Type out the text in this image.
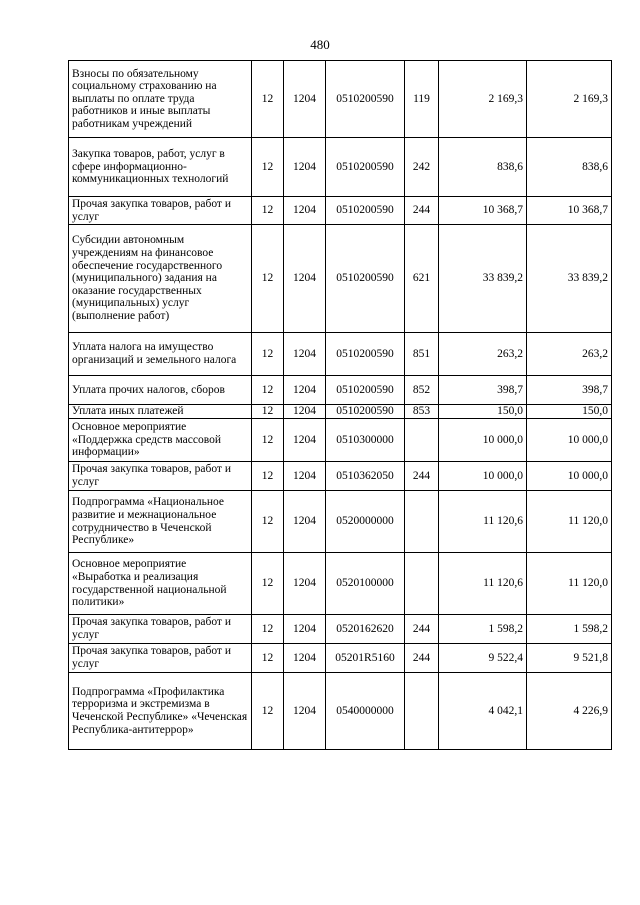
480
Взносы по обязательному социальному страхованию на выплаты по оплате труда работников и иные выплаты работникам учреждений	12	1204	0510200590	119	2 169,3	2 169,3
Закупка товаров, работ, услуг в сфере информационно-коммуникационных технологий	12	1204	0510200590	242	838,6	838,6
Прочая закупка товаров, работ и услуг	12	1204	0510200590	244	10 368,7	10 368,7
Субсидии автономным учреждениям на финансовое обеспечение государственного (муниципального) задания на оказание государственных (муниципальных) услуг (выполнение работ)	12	1204	0510200590	621	33 839,2	33 839,2
Уплата налога на имущество организаций и земельного налога	12	1204	0510200590	851	263,2	263,2
Уплата прочих налогов, сборов	12	1204	0510200590	852	398,7	398,7
Уплата иных платежей	12	1204	0510200590	853	150,0	150,0
Основное мероприятие «Поддержка средств массовой информации»	12	1204	0510300000		10 000,0	10 000,0
Прочая закупка товаров, работ и услуг	12	1204	0510362050	244	10 000,0	10 000,0
Подпрограмма «Национальное развитие и межнациональное сотрудничество в Чеченской Республике»	12	1204	0520000000		11 120,6	11 120,0
Основное мероприятие «Выработка и реализация государственной национальной политики»	12	1204	0520100000		11 120,6	11 120,0
Прочая закупка товаров, работ и услуг	12	1204	0520162620	244	1 598,2	1 598,2
Прочая закупка товаров, работ и услуг	12	1204	05201R5160	244	9 522,4	9 521,8
Подпрограмма «Профилактика терроризма и экстремизма в Чеченской Республике» «Чеченская Республика-антитеррор»	12	1204	0540000000		4 042,1	4 226,9
